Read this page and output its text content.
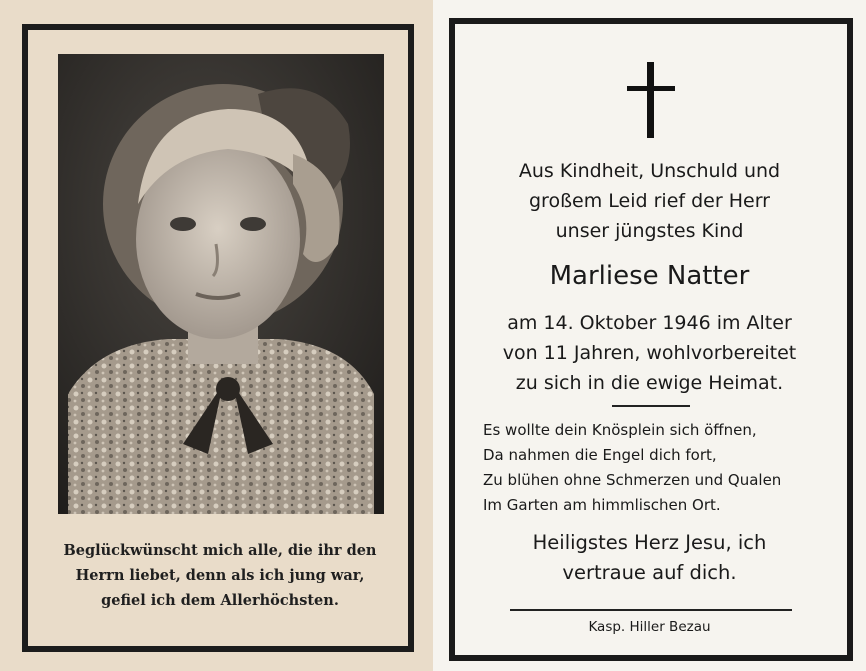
Beglückwünscht mich alle, die ihr den
Herrn liebet, denn als ich jung war,
gefiel ich dem Allerhöchsten.
Aus Kindheit, Unschuld und
großem Leid rief der Herr
unser jüngstes Kind
Marliese Natter
am 14. Oktober 1946 im Alter
von 11 Jahren, wohlvorbereitet
zu sich in die ewige Heimat.
Es wollte dein Knösplein sich öffnen,
Da nahmen die Engel dich fort,
Zu blühen ohne Schmerzen und Qualen
Im Garten am himmlischen Ort.
Heiligstes Herz Jesu, ich
vertraue auf dich.
Kasp. Hiller Bezau
